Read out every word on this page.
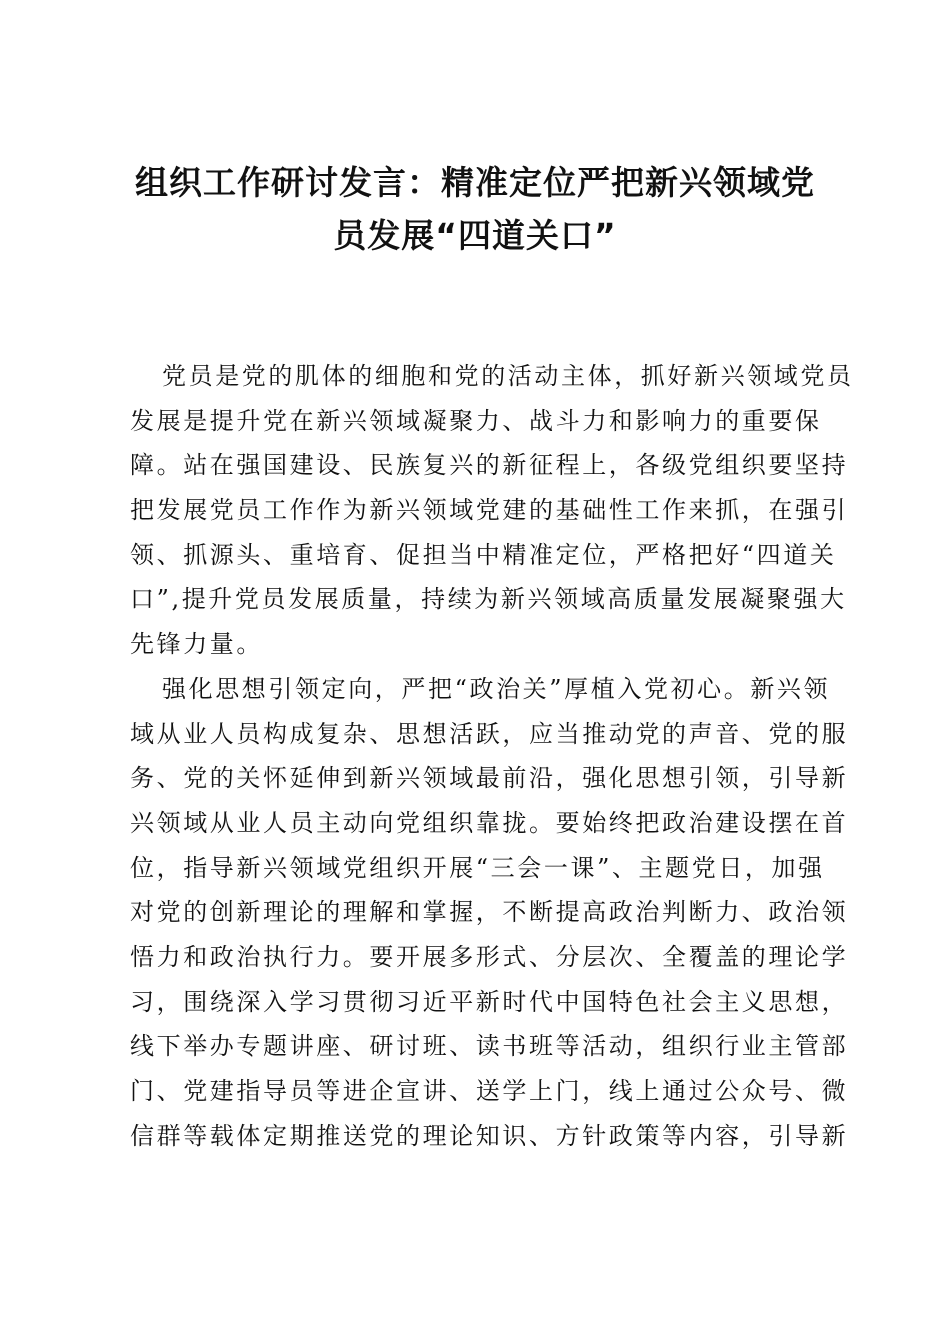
组织工作研讨发言：精准定位严把新兴领域党
员发展“四道关口”
党员是党的肌体的细胞和党的活动主体，抓好新兴领域党员
发展是提升党在新兴领域凝聚力、战斗力和影响力的重要保
障。站在强国建设、民族复兴的新征程上，各级党组织要坚持
把发展党员工作作为新兴领域党建的基础性工作来抓，在强引
领、抓源头、重培育、促担当中精准定位，严格把好“四道关
口”,提升党员发展质量，持续为新兴领域高质量发展凝聚强大
先锋力量。
强化思想引领定向，严把“政治关”厚植入党初心。新兴领
域从业人员构成复杂、思想活跃，应当推动党的声音、党的服
务、党的关怀延伸到新兴领域最前沿，强化思想引领，引导新
兴领域从业人员主动向党组织靠拢。要始终把政治建设摆在首
位，指导新兴领域党组织开展“三会一课”、主题党日，加强
对党的创新理论的理解和掌握，不断提高政治判断力、政治领
悟力和政治执行力。要开展多形式、分层次、全覆盖的理论学
习，围绕深入学习贯彻习近平新时代中国特色社会主义思想，
线下举办专题讲座、研讨班、读书班等活动，组织行业主管部
门、党建指导员等进企宣讲、送学上门，线上通过公众号、微
信群等载体定期推送党的理论知识、方针政策等内容，引导新
